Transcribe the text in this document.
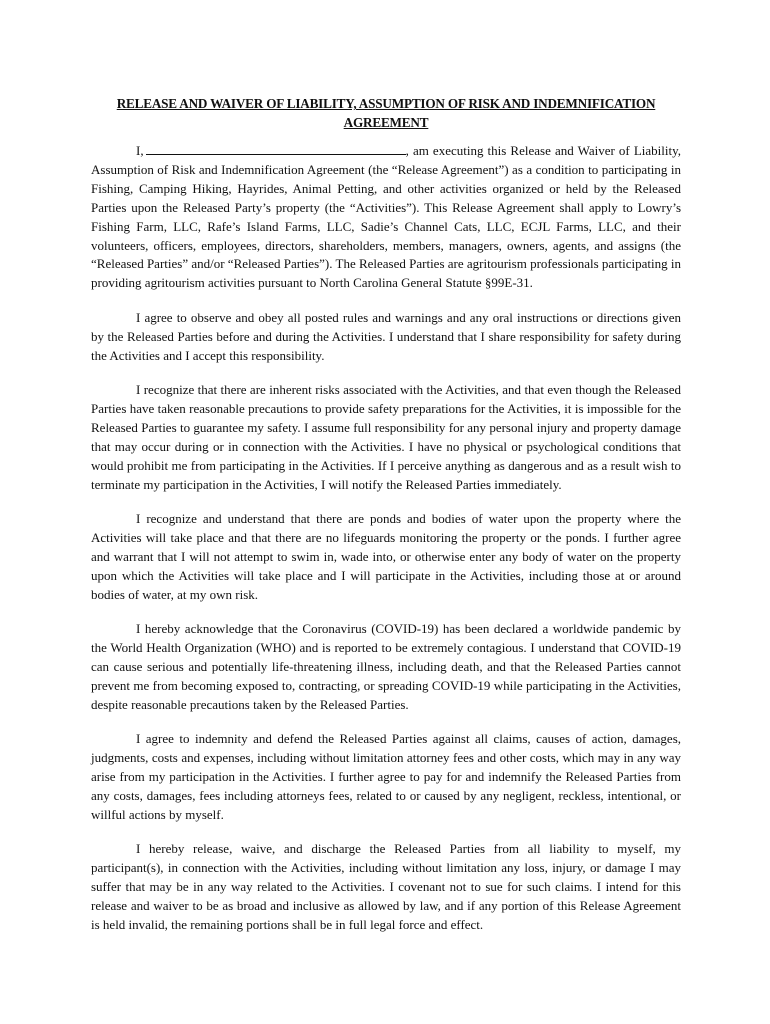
RELEASE AND WAIVER OF LIABILITY, ASSUMPTION OF RISK AND INDEMNIFICATION
AGREEMENT

I,	, am executing this Release and Waiver of Liability, Assumption of Risk and Indemnification Agreement (the “Release Agreement”) as a condition to participating in Fishing, Camping Hiking, Hayrides, Animal Petting, and other activities organized or held by the Released Parties upon the Released Party’s property (the “Activities”). This Release Agreement shall apply to Lowry’s Fishing Farm, LLC, Rafe’s Island Farms, LLC, Sadie’s Channel Cats, LLC, ECJL Farms, LLC, and their volunteers, officers, employees, directors, shareholders, members, managers, owners, agents, and assigns (the “Released Parties” and/or “Released Parties”). The Released Parties are agritourism professionals participating in providing agritourism activities pursuant to North Carolina General Statute §99E-31.

I agree to observe and obey all posted rules and warnings and any oral instructions or directions given by the Released Parties before and during the Activities. I understand that I share responsibility for safety during the Activities and I accept this responsibility.

I recognize that there are inherent risks associated with the Activities, and that even though the Released Parties have taken reasonable precautions to provide safety preparations for the Activities, it is impossible for the Released Parties to guarantee my safety. I assume full responsibility for any personal injury and property damage that may occur during or in connection with the Activities. I have no physical or psychological conditions that would prohibit me from participating in the Activities. If I perceive anything as dangerous and as a result wish to terminate my participation in the Activities, I will notify the Released Parties immediately.

I recognize and understand that there are ponds and bodies of water upon the property where the Activities will take place and that there are no lifeguards monitoring the property or the ponds. I further agree and warrant that I will not attempt to swim in, wade into, or otherwise enter any body of water on the property upon which the Activities will take place and I will participate in the Activities, including those at or around bodies of water, at my own risk.

I hereby acknowledge that the Coronavirus (COVID-19) has been declared a worldwide pandemic by the World Health Organization (WHO) and is reported to be extremely contagious. I understand that COVID-19 can cause serious and potentially life-threatening illness, including death, and that the Released Parties cannot prevent me from becoming exposed to, contracting, or spreading COVID-19 while participating in the Activities, despite reasonable precautions taken by the Released Parties.

I agree to indemnity and defend the Released Parties against all claims, causes of action, damages, judgments, costs and expenses, including without limitation attorney fees and other costs, which may in any way arise from my participation in the Activities. I further agree to pay for and indemnify the Released Parties from any costs, damages, fees including attorneys fees, related to or caused by any negligent, reckless, intentional, or willful actions by myself.

I hereby release, waive, and discharge the Released Parties from all liability to myself, my participant(s), in connection with the Activities, including without limitation any loss, injury, or damage I may suffer that may be in any way related to the Activities. I covenant not to sue for such claims. I intend for this release and waiver to be as broad and inclusive as allowed by law, and if any portion of this Release Agreement is held invalid, the remaining portions shall be in full legal force and effect.
